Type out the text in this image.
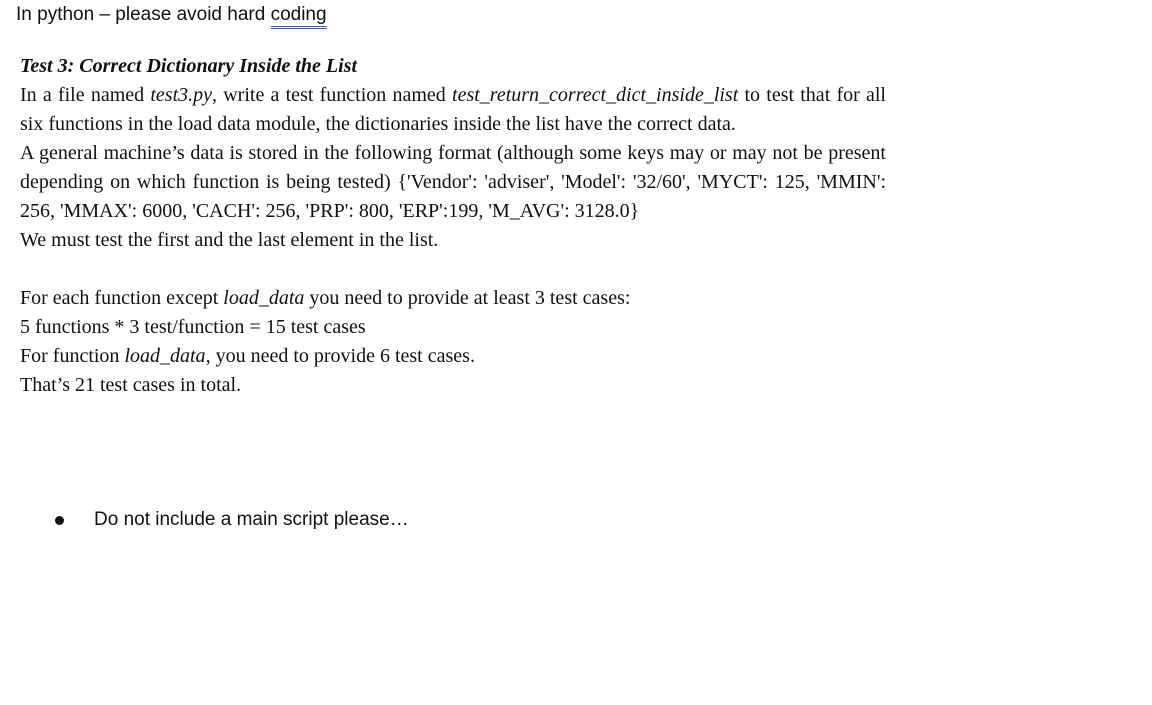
In python – please avoid hard coding

Test 3: Correct Dictionary Inside the List

In a file named test3.py, write a test function named test_return_correct_dict_inside_list to test that for all six functions in the load data module, the dictionaries inside the list have the correct data.

A general machine’s data is stored in the following format (although some keys may or may not be present depending on which function is being tested) {'Vendor': 'adviser', 'Model': '32/60', 'MYCT': 125, 'MMIN': 256, 'MMAX': 6000, 'CACH': 256, 'PRP': 800, 'ERP':199, 'M_AVG': 3128.0}

We must test the first and the last element in the list.

For each function except load_data you need to provide at least 3 test cases:

5 functions * 3 test/function = 15 test cases

For function load_data, you need to provide 6 test cases.

That’s 21 test cases in total.

Do not include a main script please…
